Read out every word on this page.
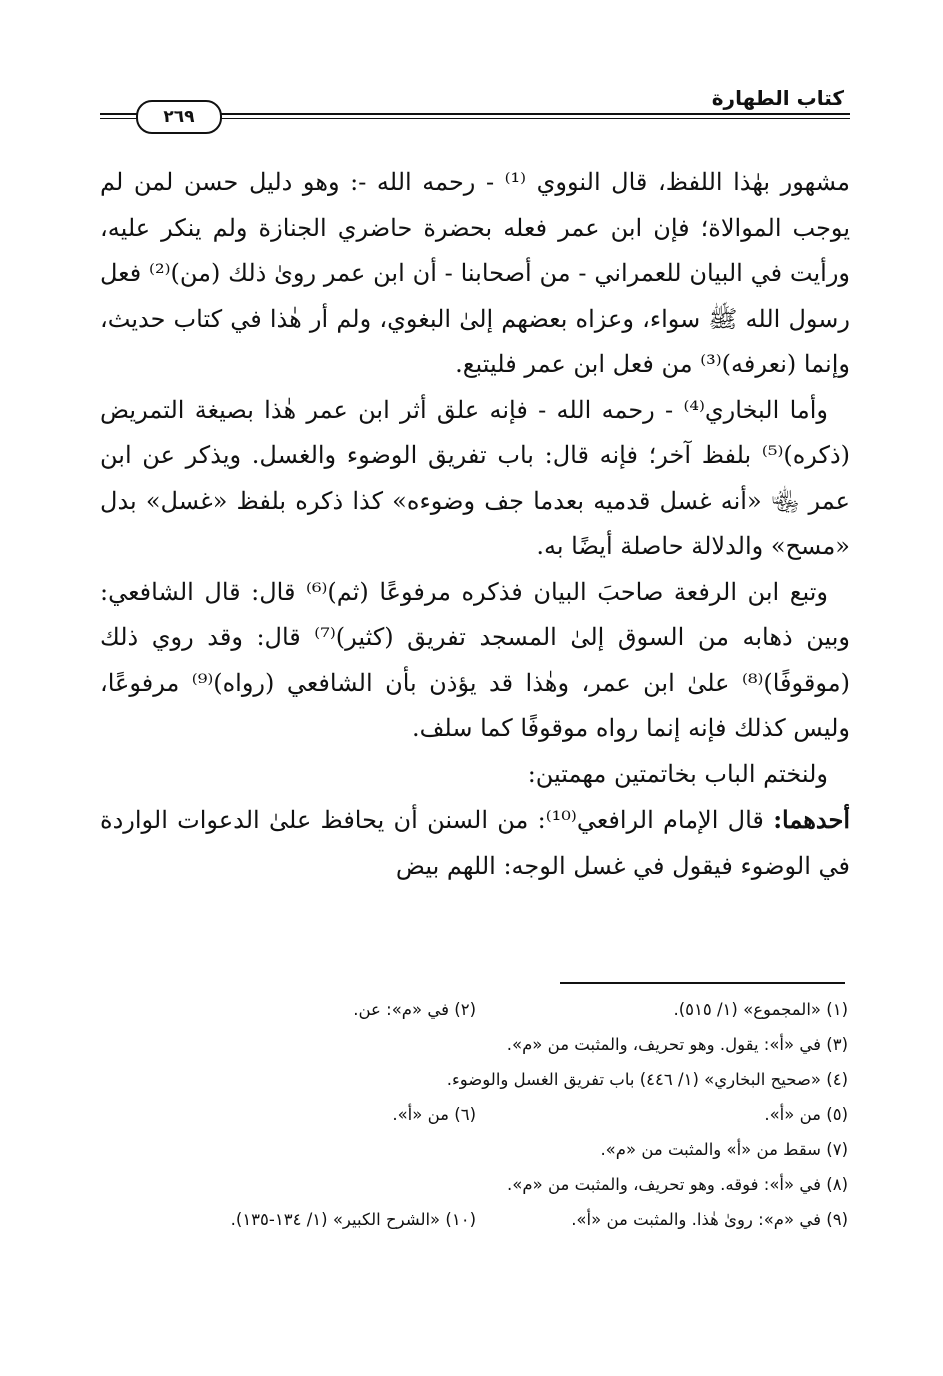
كتاب الطهارة
٢٦٩

مشهور بهٰذا اللفظ، قال النووي ⁽¹⁾ - رحمه الله -: وهو دليل حسن لمن لم يوجب الموالاة؛ فإن ابن عمر فعله بحضرة حاضري الجنازة ولم ينكر عليه، ورأيت في البيان للعمراني - من أصحابنا - أن ابن عمر روىٰ ذلك (من)⁽²⁾ فعل رسول الله ﷺ سواء، وعزاه بعضهم إلىٰ البغوي، ولم أر هٰذا في كتاب حديث، وإنما (نعرفه)⁽³⁾ من فعل ابن عمر فليتبع.

وأما البخاري⁽⁴⁾ - رحمه الله - فإنه علق أثر ابن عمر هٰذا بصيغة التمريض (ذكره)⁽⁵⁾ بلفظ آخر؛ فإنه قال: باب تفريق الوضوء والغسل. ويذكر عن ابن عمر ﵄ «أنه غسل قدميه بعدما جف وضوءه» كذا ذكره بلفظ «غسل» بدل «مسح» والدلالة حاصلة أيضًا به.

وتبع ابن الرفعة صاحبَ البيان فذكره مرفوعًا (ثم)⁽⁶⁾ قال: قال الشافعي: وبين ذهابه من السوق إلىٰ المسجد تفريق (كثير)⁽⁷⁾ قال: وقد روي ذلك (موقوفًا)⁽⁸⁾ علىٰ ابن عمر، وهٰذا قد يؤذن بأن الشافعي (رواه)⁽⁹⁾ مرفوعًا، وليس كذلك فإنه إنما رواه موقوفًا كما سلف.

ولنختم الباب بخاتمتين مهمتين:

أحدهما: قال الإمام الرافعي⁽¹⁰⁾: من السنن أن يحافظ علىٰ الدعوات الواردة في الوضوء فيقول في غسل الوجه: اللهم بيض

(١) «المجموع» (١/ ٥١٥).
(٢) في «م»: عن.
(٣) في «أ»: يقول. وهو تحريف، والمثبت من «م».
(٤) «صحيح البخاري» (١/ ٤٤٦) باب تفريق الغسل والوضوء.
(٥) من «أ».
(٦) من «أ».
(٧) سقط من «أ» والمثبت من «م».
(٨) في «أ»: فوقه. وهو تحريف، والمثبت من «م».
(٩) في «م»: روىٰ هٰذا. والمثبت من «أ».
(١٠) «الشرح الكبير» (١/ ١٣٤-١٣٥).
